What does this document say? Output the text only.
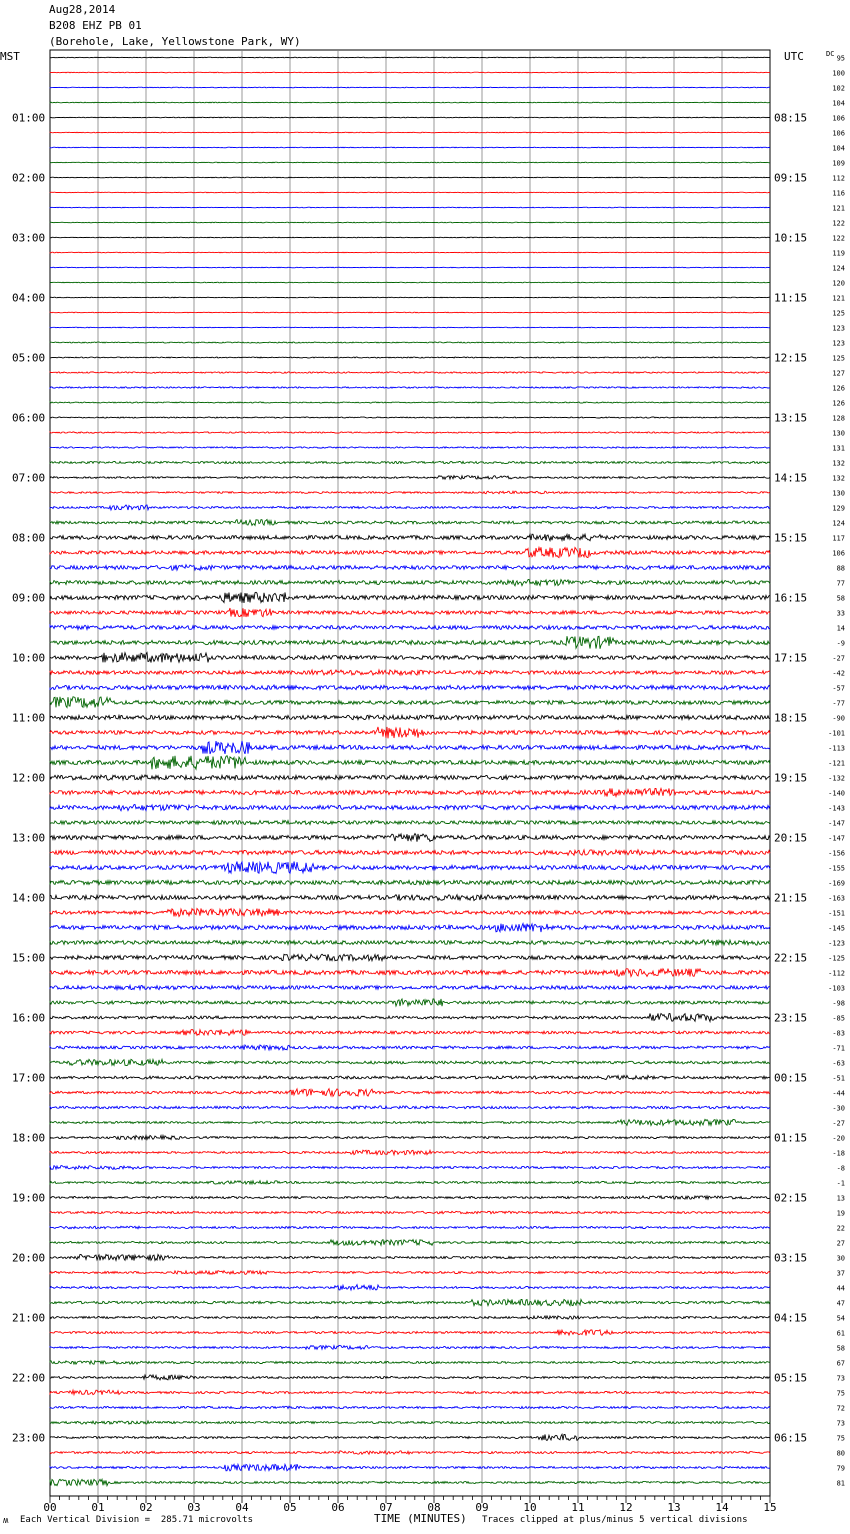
Aug28,2014
B208 EHZ PB 01
(Borehole, Lake, Yellowstone Park, WY)
95
100
102
104
106
106
104
109
112
116
121
122
122
119
124
120
121
125
123
123
125
127
126
126
128
130
131
132
132
130
129
124
117
106
88
77
58
33
14
-9
-27
-42
-57
-77
-90
-101
-113
-121
-132
-140
-143
-147
-147
-156
-155
-169
-163
-151
-145
-123
-125
-112
-103
-98
-85
-83
-71
-63
-51
-44
-30
-27
-20
-18
-8
-1
13
19
22
27
30
37
44
47
54
61
58
67
73
75
72
73
75
80
79
81
01:00	08:15
02:00	09:15
03:00	10:15
04:00	11:15
05:00	12:15
06:00	13:15
07:00	14:15
08:00	15:15
09:00	16:15
10:00	17:15
11:00	18:15
12:00	19:15
13:00	20:15
14:00	21:15
15:00	22:15
16:00	23:15
17:00	00:15
18:00	01:15
19:00	02:15
20:00	03:15
21:00	04:15
22:00	05:15
23:00	06:15
MST	UTC	DC
00	01	02	03	04	05	06	07	08	09	10	11	12	13	14	15
ʍ Each Vertical Division =  285.71 microvolts	TIME (MINUTES) Traces clipped at plus/minus 5 vertical divisions
